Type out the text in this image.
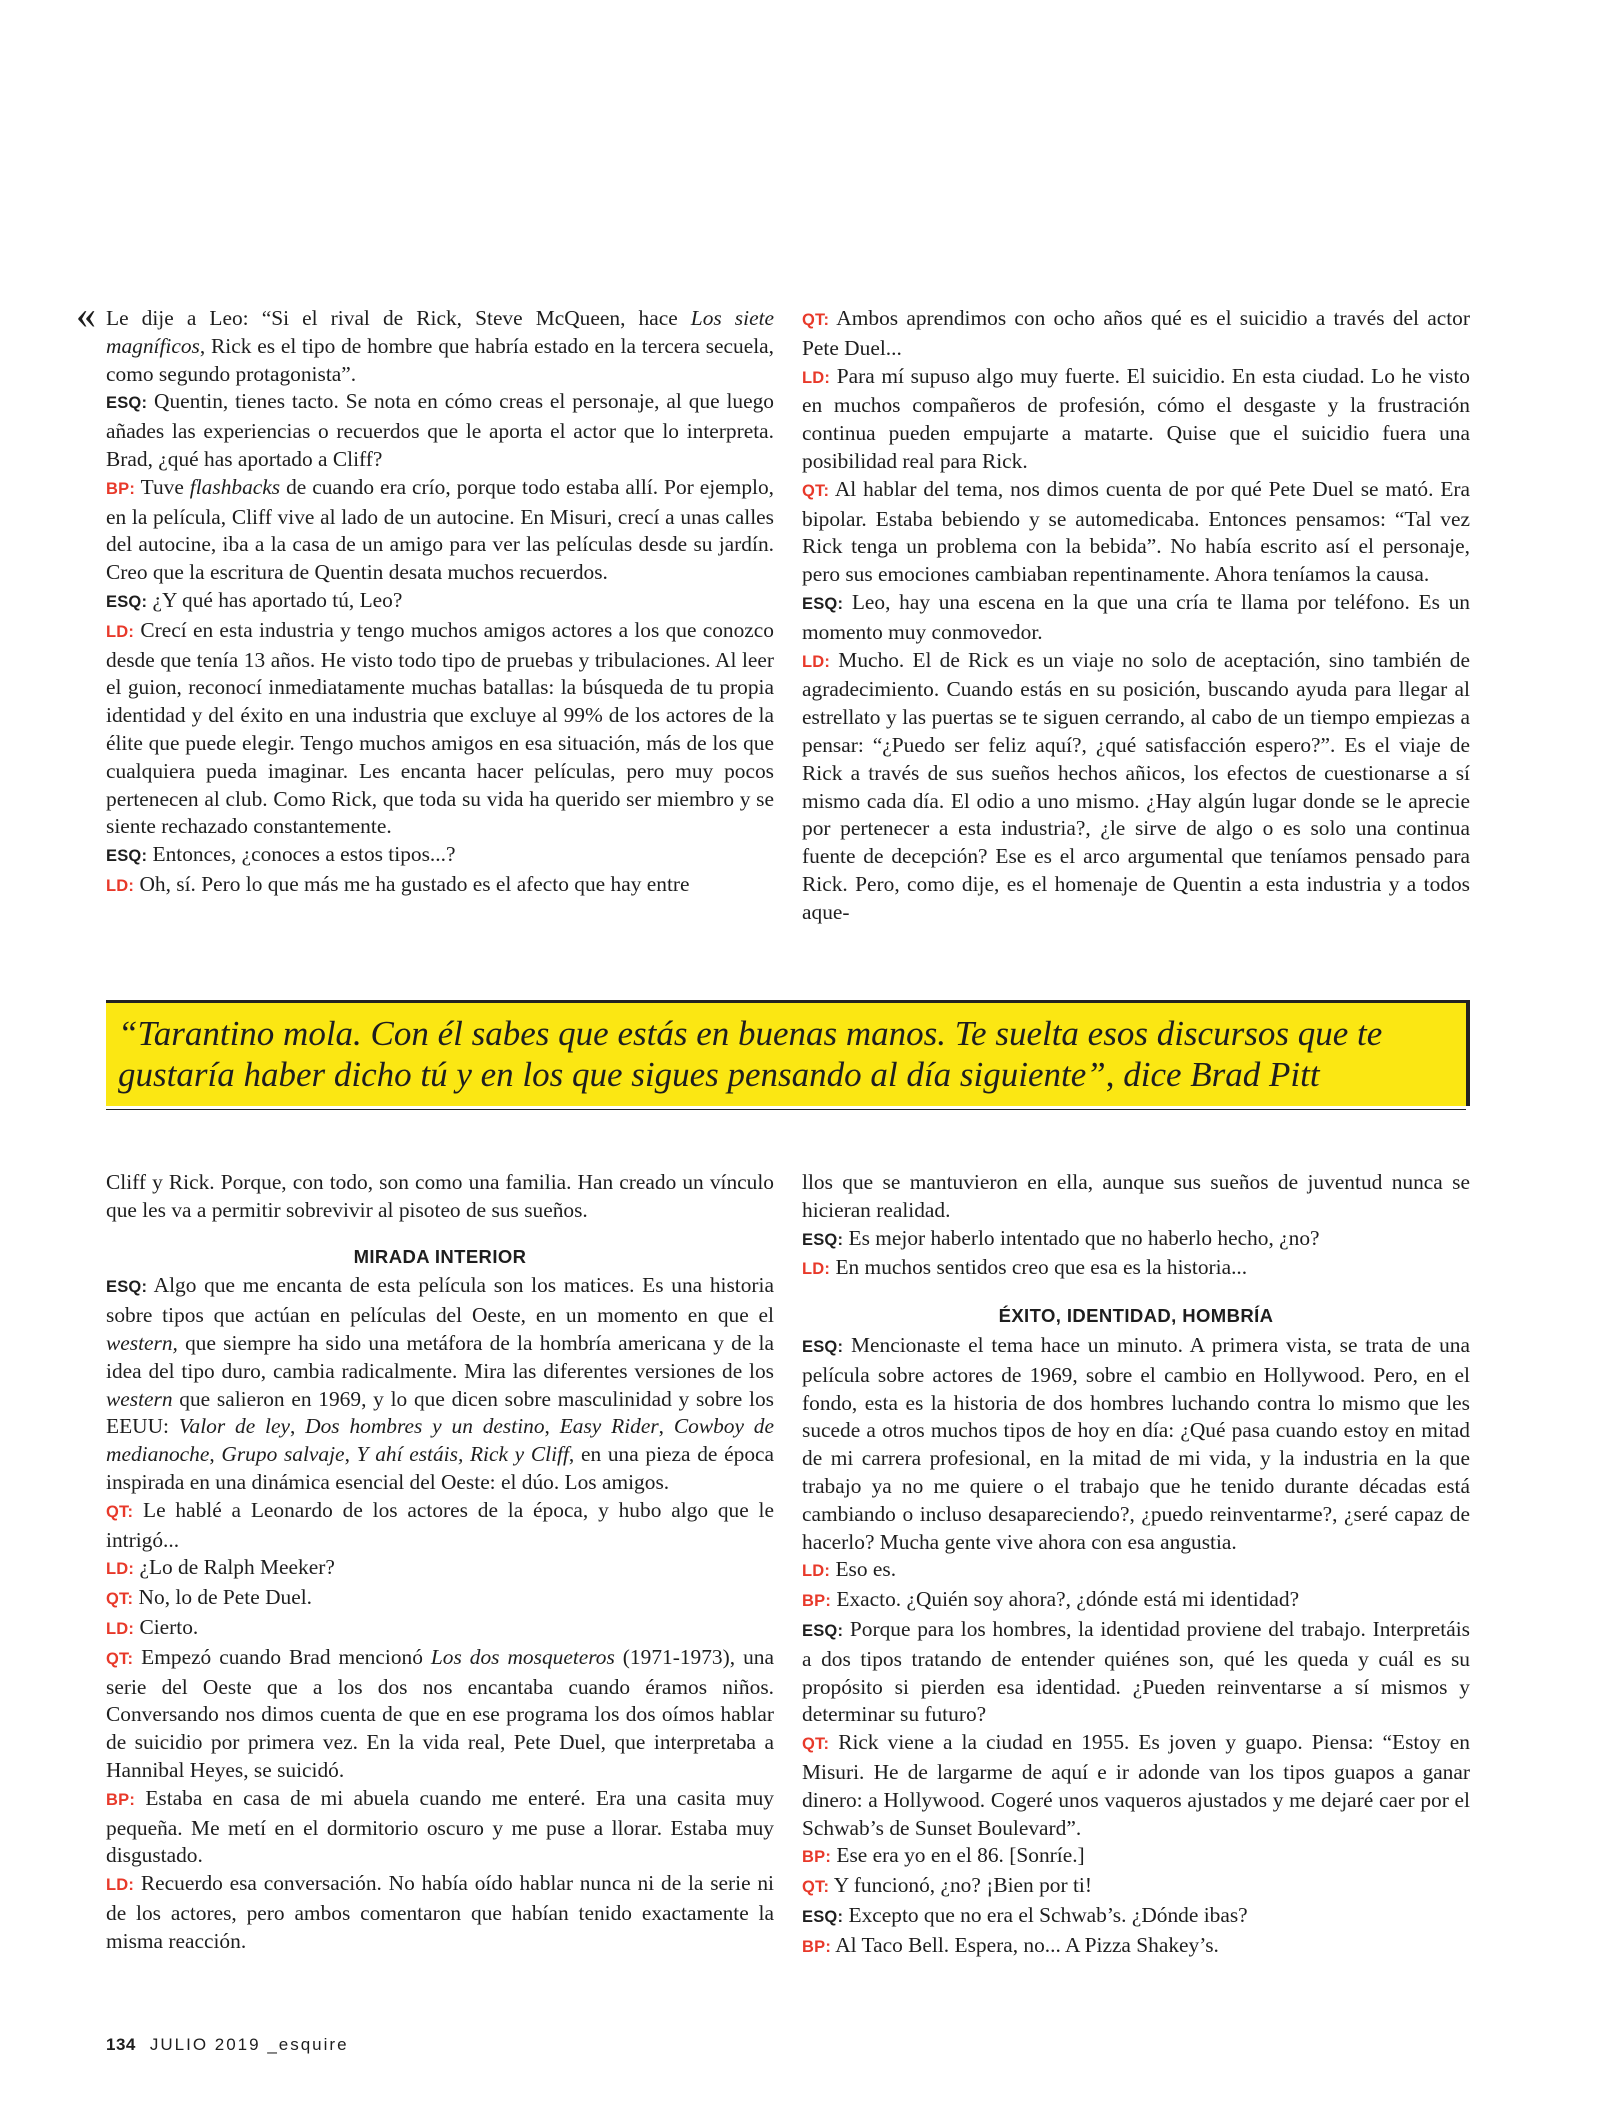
« Le dije a Leo: “Si el rival de Rick, Steve McQueen, hace Los siete magníficos, Rick es el tipo de hombre que habría estado en la tercera secuela, como segundo protagonista”.

ESQ: Quentin, tienes tacto. Se nota en cómo creas el personaje, al que luego añades las experiencias o recuerdos que le aporta el actor que lo interpreta. Brad, ¿qué has aportado a Cliff?

BP: Tuve flashbacks de cuando era crío, porque todo estaba allí. Por ejemplo, en la película, Cliff vive al lado de un autocine. En Misuri, crecí a unas calles del autocine, iba a la casa de un amigo para ver las películas desde su jardín. Creo que la escritura de Quentin desata muchos recuerdos.

ESQ: ¿Y qué has aportado tú, Leo?

LD: Crecí en esta industria y tengo muchos amigos actores a los que conozco desde que tenía 13 años. He visto todo tipo de pruebas y tribulaciones. Al leer el guion, reconocí inmediatamente muchas batallas: la búsqueda de tu propia identidad y del éxito en una industria que excluye al 99% de los actores de la élite que puede elegir. Tengo muchos amigos en esa situación, más de los que cualquiera pueda imaginar. Les encanta hacer películas, pero muy pocos pertenecen al club. Como Rick, que toda su vida ha querido ser miembro y se siente rechazado constantemente.

ESQ: Entonces, ¿conoces a estos tipos...?

LD: Oh, sí. Pero lo que más me ha gustado es el afecto que hay entre

QT: Ambos aprendimos con ocho años qué es el suicidio a través del actor Pete Duel...

LD: Para mí supuso algo muy fuerte. El suicidio. En esta ciudad. Lo he visto en muchos compañeros de profesión, cómo el desgaste y la frustración continua pueden empujarte a matarte. Quise que el suicidio fuera una posibilidad real para Rick.

QT: Al hablar del tema, nos dimos cuenta de por qué Pete Duel se mató. Era bipolar. Estaba bebiendo y se automedicaba. Entonces pensamos: “Tal vez Rick tenga un problema con la bebida”. No había escrito así el personaje, pero sus emociones cambiaban repentinamente. Ahora teníamos la causa.

ESQ: Leo, hay una escena en la que una cría te llama por teléfono. Es un momento muy conmovedor.

LD: Mucho. El de Rick es un viaje no solo de aceptación, sino también de agradecimiento. Cuando estás en su posición, buscando ayuda para llegar al estrellato y las puertas se te siguen cerrando, al cabo de un tiempo empiezas a pensar: “¿Puedo ser feliz aquí?, ¿qué satisfacción espero?”. Es el viaje de Rick a través de sus sueños hechos añicos, los efectos de cuestionarse a sí mismo cada día. El odio a uno mismo. ¿Hay algún lugar donde se le aprecie por pertenecer a esta industria?, ¿le sirve de algo o es solo una continua fuente de decepción? Ese es el arco argumental que teníamos pensado para Rick. Pero, como dije, es el homenaje de Quentin a esta industria y a todos aque-

“Tarantino mola. Con él sabes que estás en buenas manos. Te suelta esos discursos que te gustaría haber dicho tú y en los que sigues pensando al día siguiente”, dice Brad Pitt

Cliff y Rick. Porque, con todo, son como una familia. Han creado un vínculo que les va a permitir sobrevivir al pisoteo de sus sueños.

MIRADA INTERIOR

ESQ: Algo que me encanta de esta película son los matices. Es una historia sobre tipos que actúan en películas del Oeste, en un momento en que el western, que siempre ha sido una metáfora de la hombría americana y de la idea del tipo duro, cambia radicalmente. Mira las diferentes versiones de los western que salieron en 1969, y lo que dicen sobre masculinidad y sobre los EEUU: Valor de ley, Dos hombres y un destino, Easy Rider, Cowboy de medianoche, Grupo salvaje, Y ahí estáis, Rick y Cliff, en una pieza de época inspirada en una dinámica esencial del Oeste: el dúo. Los amigos.

QT: Le hablé a Leonardo de los actores de la época, y hubo algo que le intrigó...

LD: ¿Lo de Ralph Meeker?

QT: No, lo de Pete Duel.

LD: Cierto.

QT: Empezó cuando Brad mencionó Los dos mosqueteros (1971-1973), una serie del Oeste que a los dos nos encantaba cuando éramos niños. Conversando nos dimos cuenta de que en ese programa los dos oímos hablar de suicidio por primera vez. En la vida real, Pete Duel, que interpretaba a Hannibal Heyes, se suicidó.

BP: Estaba en casa de mi abuela cuando me enteré. Era una casita muy pequeña. Me metí en el dormitorio oscuro y me puse a llorar. Estaba muy disgustado.

LD: Recuerdo esa conversación. No había oído hablar nunca ni de la serie ni de los actores, pero ambos comentaron que habían tenido exactamente la misma reacción.

llos que se mantuvieron en ella, aunque sus sueños de juventud nunca se hicieran realidad.

ESQ: Es mejor haberlo intentado que no haberlo hecho, ¿no?

LD: En muchos sentidos creo que esa es la historia...

ÉXITO, IDENTIDAD, HOMBRÍA

ESQ: Mencionaste el tema hace un minuto. A primera vista, se trata de una película sobre actores de 1969, sobre el cambio en Hollywood. Pero, en el fondo, esta es la historia de dos hombres luchando contra lo mismo que les sucede a otros muchos tipos de hoy en día: ¿Qué pasa cuando estoy en mitad de mi carrera profesional, en la mitad de mi vida, y la industria en la que trabajo ya no me quiere o el trabajo que he tenido durante décadas está cambiando o incluso desapareciendo?, ¿puedo reinventarme?, ¿seré capaz de hacerlo? Mucha gente vive ahora con esa angustia.

LD: Eso es.

BP: Exacto. ¿Quién soy ahora?, ¿dónde está mi identidad?

ESQ: Porque para los hombres, la identidad proviene del trabajo. Interpretáis a dos tipos tratando de entender quiénes son, qué les queda y cuál es su propósito si pierden esa identidad. ¿Pueden reinventarse a sí mismos y determinar su futuro?

QT: Rick viene a la ciudad en 1955. Es joven y guapo. Piensa: “Estoy en Misuri. He de largarme de aquí e ir adonde van los tipos guapos a ganar dinero: a Hollywood. Cogeré unos vaqueros ajustados y me dejaré caer por el Schwab’s de Sunset Boulevard”.

BP: Ese era yo en el 86. [Sonríe.]

QT: Y funcionó, ¿no? ¡Bien por ti!

ESQ: Excepto que no era el Schwab’s. ¿Dónde ibas?

BP: Al Taco Bell. Espera, no... A Pizza Shakey’s.

134 JULIO 2019 _esquire
